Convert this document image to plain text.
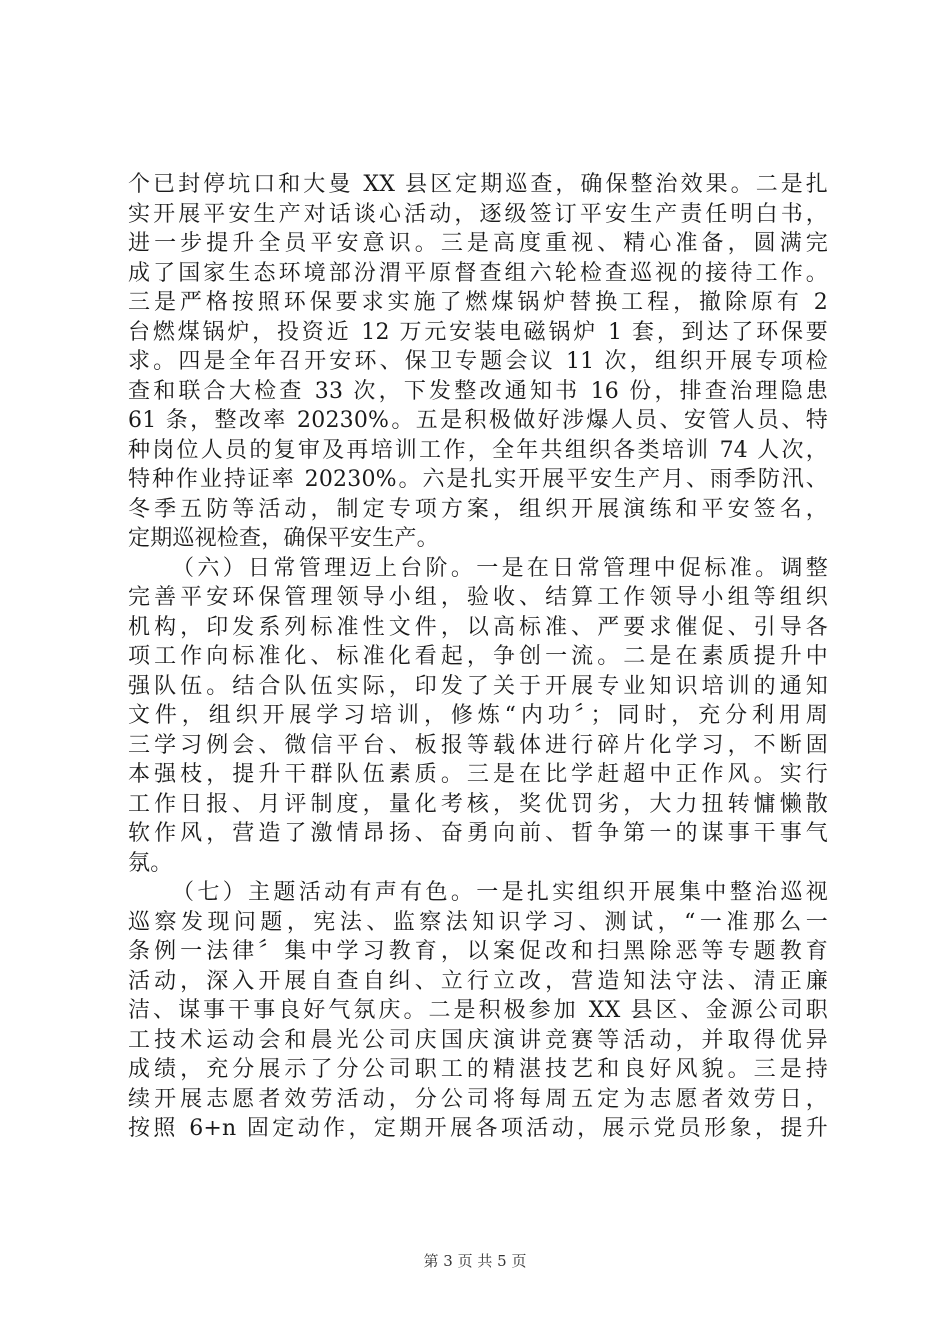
个已封停坑口和大曼 XX 县区定期巡查，确保整治效果。二是扎
实开展平安生产对话谈心活动，逐级签订平安生产责任明白书，
进一步提升全员平安意识。三是高度重视、精心准备，圆满完
成了国家生态环境部汾渭平原督查组六轮检查巡视的接待工作。
三是严格按照环保要求实施了燃煤锅炉替换工程，撤除原有 2
台燃煤锅炉，投资近 12 万元安装电磁锅炉 1 套，到达了环保要
求。四是全年召开安环、保卫专题会议 11 次，组织开展专项检
查和联合大检查 33 次，下发整改通知书 16 份，排查治理隐患
61 条，整改率 20230%。五是积极做好涉爆人员、安管人员、特
种岗位人员的复审及再培训工作，全年共组织各类培训 74 人次，
特种作业持证率 20230%。六是扎实开展平安生产月、雨季防汛、
冬季五防等活动，制定专项方案，组织开展演练和平安签名，
定期巡视检查，确保平安生产。
（六）日常管理迈上台阶。一是在日常管理中促标准。调整
完善平安环保管理领导小组，验收、结算工作领导小组等组织
机构，印发系列标准性文件，以高标准、严要求催促、引导各
项工作向标准化、标准化看起，争创一流。二是在素质提升中
强队伍。结合队伍实际，印发了关于开展专业知识培训的通知
文件，组织开展学习培训，修炼“内功〞；同时，充分利用周
三学习例会、微信平台、板报等载体进行碎片化学习，不断固
本强枝，提升干群队伍素质。三是在比学赶超中正作风。实行
工作日报、月评制度，量化考核，奖优罚劣，大力扭转慵懒散
软作风，营造了激情昂扬、奋勇向前、晢争第一的谋事干事气
氛。
（七）主题活动有声有色。一是扎实组织开展集中整治巡视
巡察发现问题，宪法、监察法知识学习、测试，“一准那么一
条例一法律〞集中学习教育，以案促改和扫黑除恶等专题教育
活动，深入开展自查自纠、立行立改，营造知法守法、清正廉
洁、谋事干事良好气氛庆。二是积极参加 XX 县区、金源公司职
工技术运动会和晨光公司庆国庆演讲竞赛等活动，并取得优异
成绩，充分展示了分公司职工的精湛技艺和良好风貌。三是持
续开展志愿者效劳活动，分公司将每周五定为志愿者效劳日，
按照 6+n 固定动作，定期开展各项活动，展示党员形象，提升
第 3 页 共 5 页
